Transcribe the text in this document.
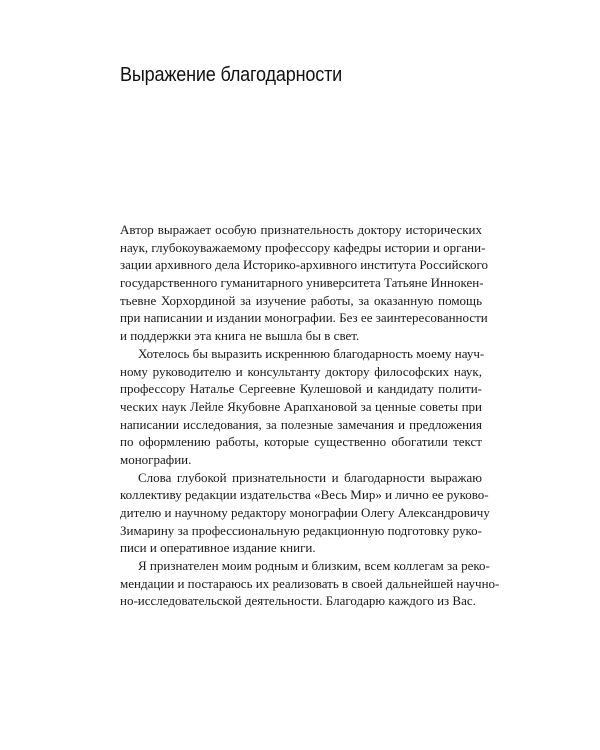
Выражение благодарности
Автор выражает особую признательность доктору исторических
наук, глубокоуважаемому профессору кафедры истории и органи-
зации архивного дела Историко-архивного института Российского
государственного гуманитарного университета Татьяне Иннокен-
тьевне Хорхординой за изучение работы, за оказанную помощь
при написании и издании монографии. Без ее заинтересованности
и поддержки эта книга не вышла бы в свет.
Хотелось бы выразить искреннюю благодарность моему науч-
ному руководителю и консультанту доктору философских наук,
профессору Наталье Сергеевне Кулешовой и кандидату полити-
ческих наук Лейле Якубовне Арапхановой за ценные советы при
написании исследования, за полезные замечания и предложения
по оформлению работы, которые существенно обогатили текст
монографии.
Слова глубокой признательности и благодарности выражаю
коллективу редакции издательства «Весь Мир» и лично ее руково-
дителю и научному редактору монографии Олегу Александровичу
Зимарину за профессиональную редакционную подготовку руко-
писи и оперативное издание книги.
Я признателен моим родным и близким, всем коллегам за реко-
мендации и постараюсь их реализовать в своей дальнейшей научно-
но-исследовательской деятельности. Благодарю каждого из Вас.
